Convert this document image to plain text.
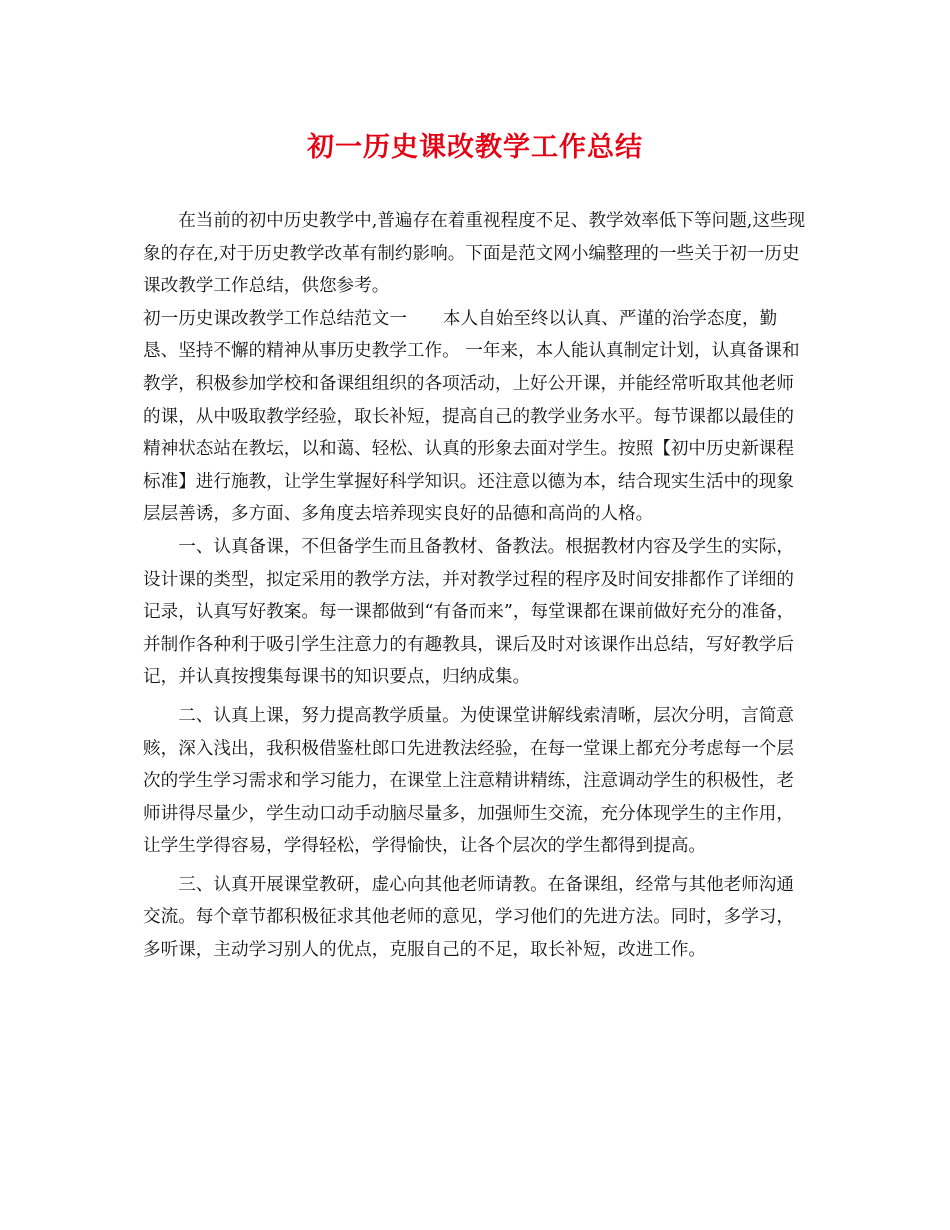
初一历史课改教学工作总结

在当前的初中历史教学中,普遍存在着重视程度不足、教学效率低下等问题,这些现象的存在,对于历史教学改革有制约影响。下面是范文网小编整理的一些关于初一历史课改教学工作总结，供您参考。

初一历史课改教学工作总结范文一 本人自始至终以认真、严谨的治学态度，勤恳、坚持不懈的精神从事历史教学工作。 一年来，本人能认真制定计划，认真备课和教学，积极参加学校和备课组组织的各项活动，上好公开课，并能经常听取其他老师的课，从中吸取教学经验，取长补短，提高自己的教学业务水平。每节课都以最佳的精神状态站在教坛，以和蔼、轻松、认真的形象去面对学生。按照【初中历史新课程标准】进行施教，让学生掌握好科学知识。还注意以德为本，结合现实生活中的现象层层善诱，多方面、多角度去培养现实良好的品德和高尚的人格。

一、认真备课，不但备学生而且备教材、备教法。根据教材内容及学生的实际，设计课的类型，拟定采用的教学方法，并对教学过程的程序及时间安排都作了详细的记录，认真写好教案。每一课都做到“有备而来”，每堂课都在课前做好充分的准备，并制作各种利于吸引学生注意力的有趣教具，课后及时对该课作出总结，写好教学后记，并认真按搜集每课书的知识要点，归纳成集。

二、认真上课，努力提高教学质量。为使课堂讲解线索清晰，层次分明，言简意赅，深入浅出，我积极借鉴杜郎口先进教法经验，在每一堂课上都充分考虑每一个层次的学生学习需求和学习能力，在课堂上注意精讲精练，注意调动学生的积极性，老师讲得尽量少，学生动口动手动脑尽量多，加强师生交流，充分体现学生的主作用，让学生学得容易，学得轻松，学得愉快，让各个层次的学生都得到提高。

三、认真开展课堂教研，虚心向其他老师请教。在备课组，经常与其他老师沟通交流。每个章节都积极征求其他老师的意见，学习他们的先进方法。同时，多学习，多听课，主动学习别人的优点，克服自己的不足，取长补短，改进工作。
